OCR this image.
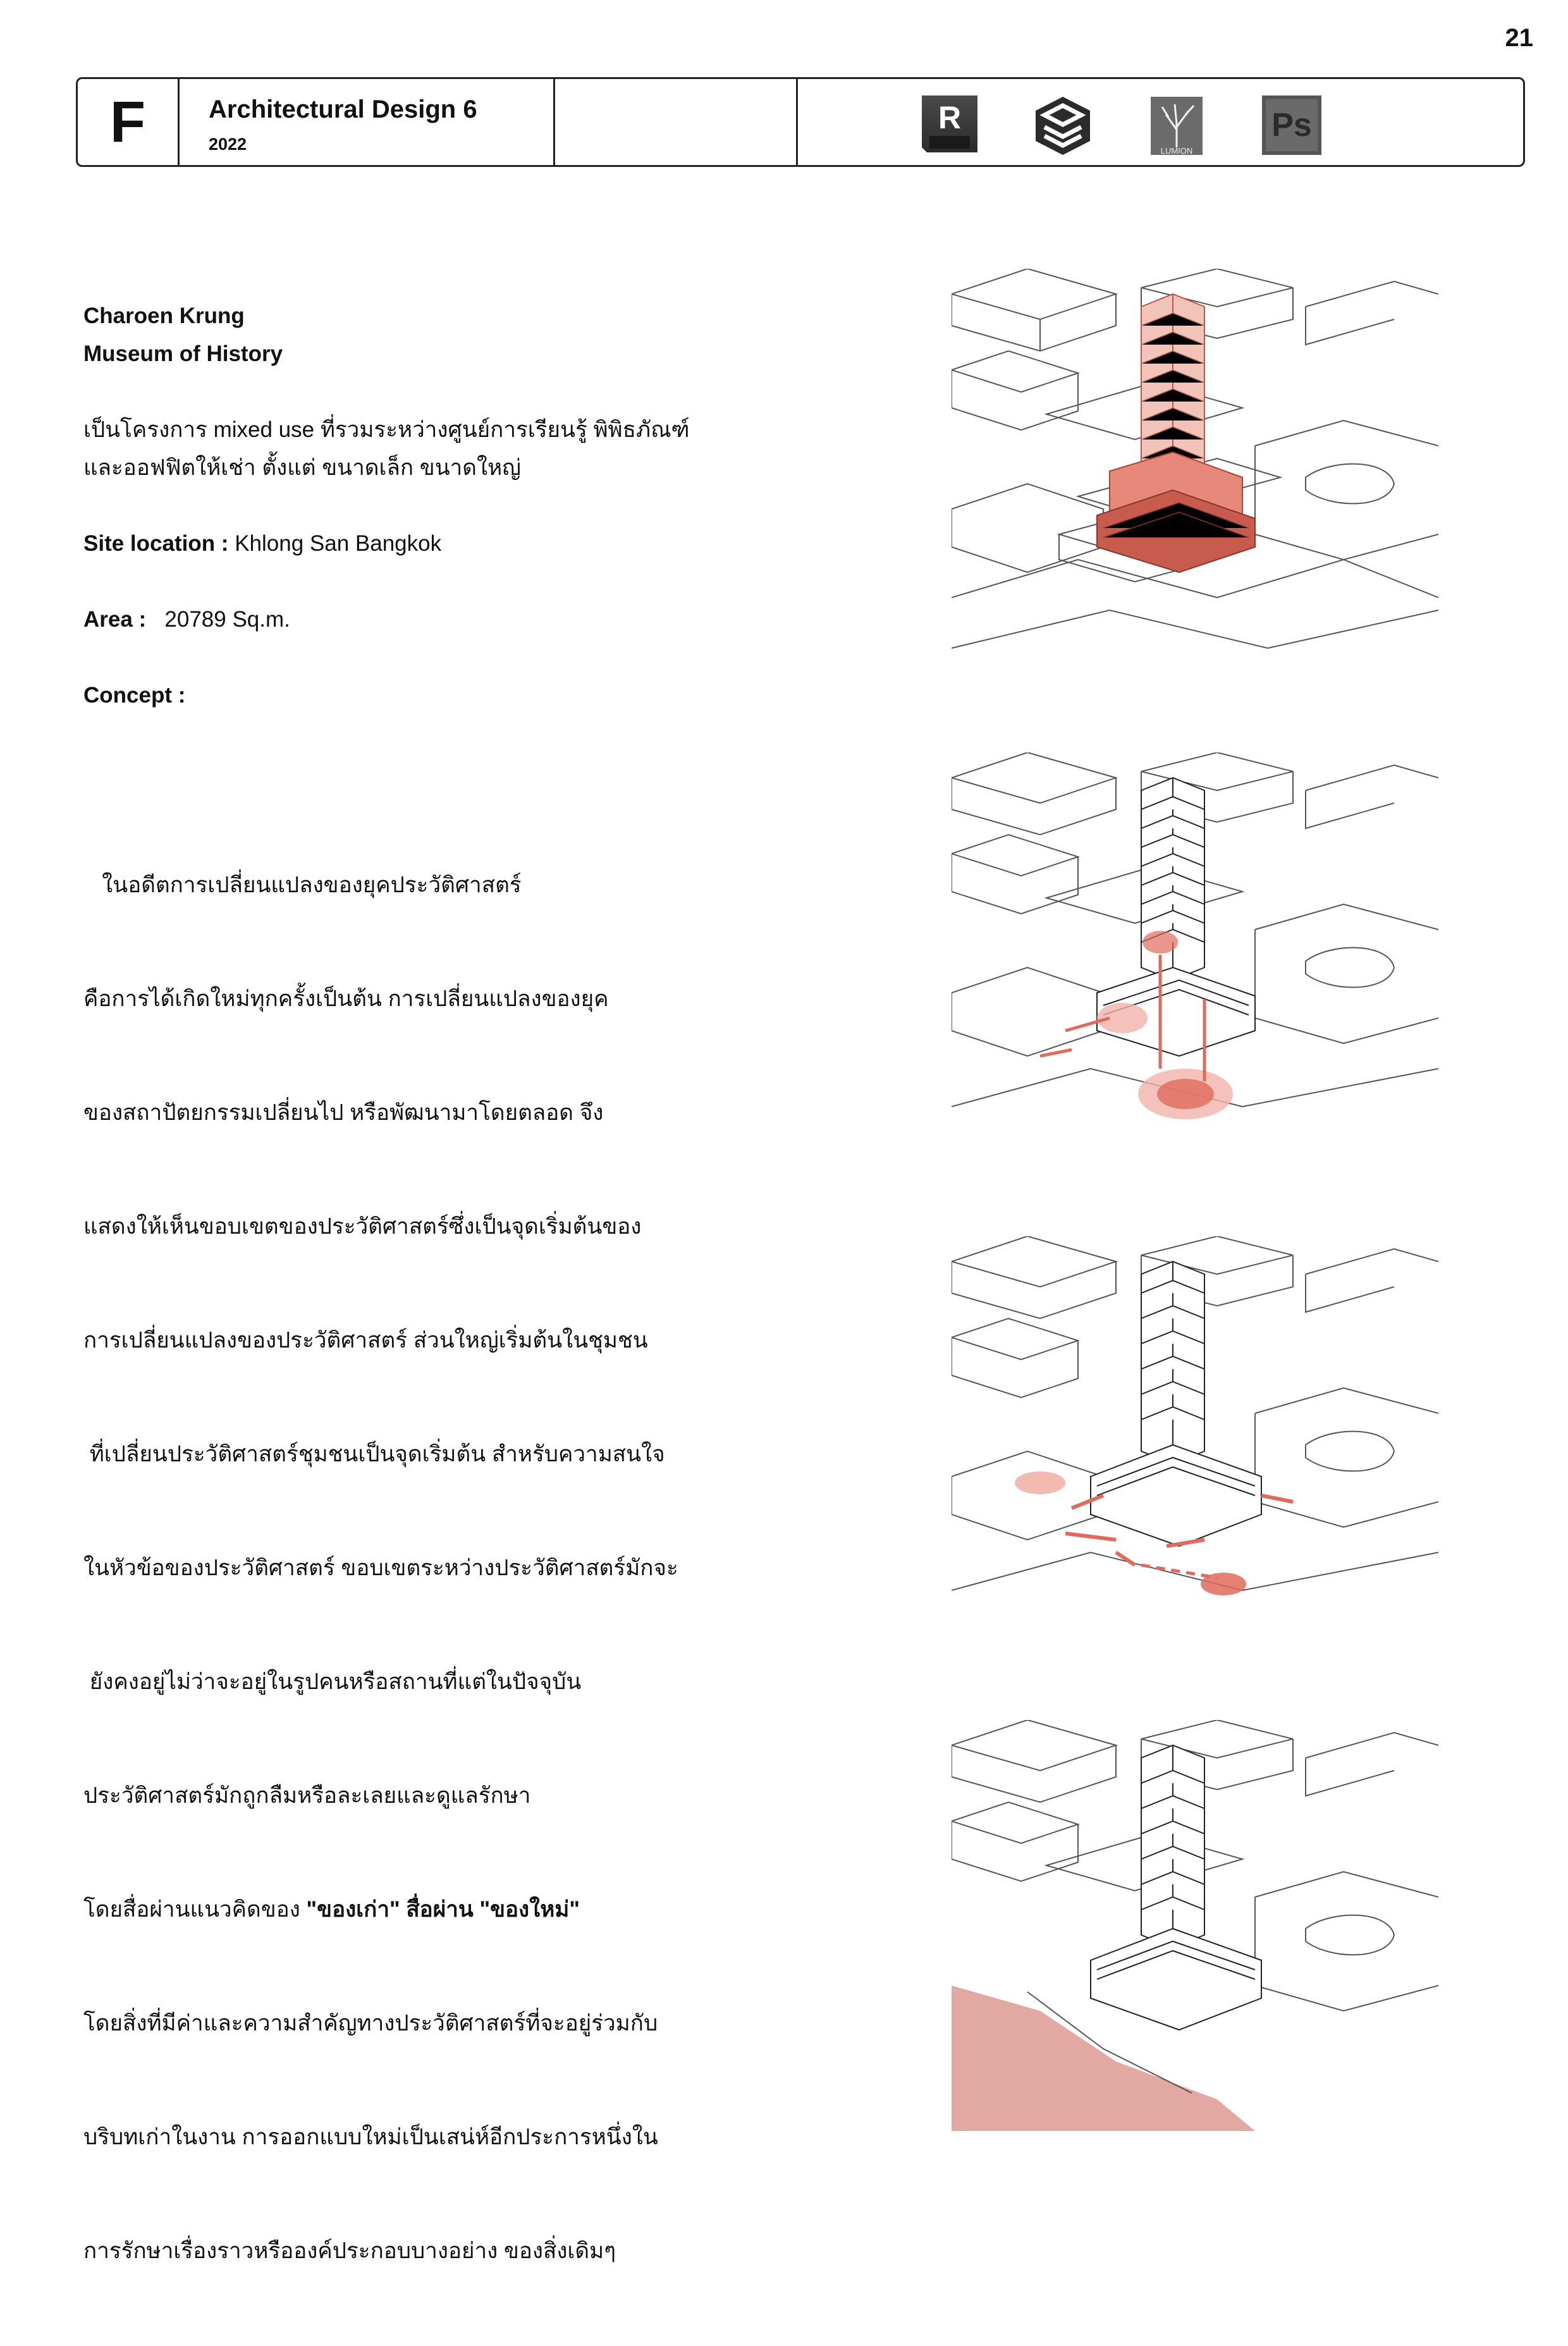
21
F	Architectural Design 6
2022
R
LUMION
Ps

Charoen Krung

Museum of History

เป็นโครงการ mixed use ที่รวมระหว่างศูนย์การเรียนรู้ พิพิธภัณฑ์

และออฟฟิตให้เช่า ตั้งแต่ ขนาดเล็ก ขนาดใหญ่

Site location : Khlong San Bangkok

Area :   20789 Sq.m.

Concept :

ในอดีตการเปลี่ยนแปลงของยุคประวัติศาสตร์

คือการได้เกิดใหม่ทุกครั้งเป็นต้น การเปลี่ยนแปลงของยุค

ของสถาปัตยกรรมเปลี่ยนไป หรือพัฒนามาโดยตลอด จึง

แสดงให้เห็นขอบเขตของประวัติศาสตร์ซึ่งเป็นจุดเริ่มต้นของ

การเปลี่ยนแปลงของประวัติศาสตร์ ส่วนใหญ่เริ่มต้นในชุมชน

ที่เปลี่ยนประวัติศาสตร์ชุมชนเป็นจุดเริ่มต้น สำหรับความสนใจ

ในหัวข้อของประวัติศาสตร์ ขอบเขตระหว่างประวัติศาสตร์มักจะ

ยังคงอยู่ไม่ว่าจะอยู่ในรูปคนหรือสถานที่แต่ในปัจจุบัน

ประวัติศาสตร์มักถูกลืมหรือละเลยและดูแลรักษา

โดยสื่อผ่านแนวคิดของ "ของเก่า" สื่อผ่าน "ของใหม่"

โดยสิ่งที่มีค่าและความสำคัญทางประวัติศาสตร์ที่จะอยู่ร่วมกับ

บริบทเก่าในงาน การออกแบบใหม่เป็นเสน่ห์อีกประการหนึ่งใน

การรักษาเรื่องราวหรือองค์ประกอบบางอย่าง ของสิ่งเดิมๆ
